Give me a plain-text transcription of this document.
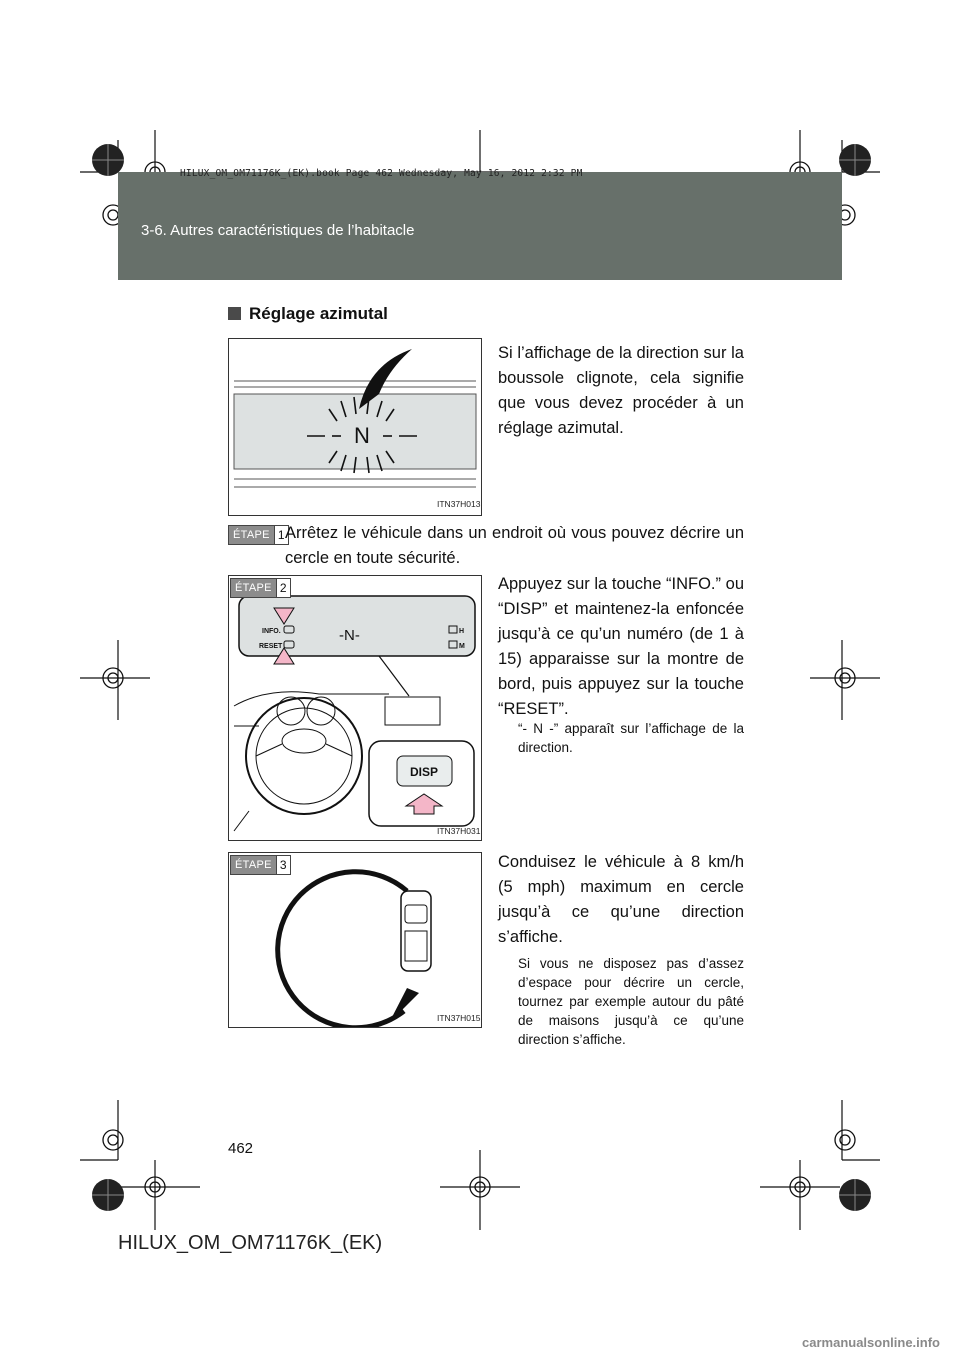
HILUX_OM_OM71176K_(EK).book Page 462 Wednesday, May 16, 2012 2:32 PM
3-6. Autres caractéristiques de l’habitacle
Réglage azimutal
N
ITN37H013
Si l’affichage de la direction sur la boussole clignote, cela signifie que vous devez procéder à un réglage azimutal.
ÉTAPE 1 Arrêtez le véhicule dans un endroit où vous pouvez décrire un cercle en toute sécurité.
INFO.
RESET
H
M
-N-
DISP
ITN37H031
ÉTAPE 2	Appuyez sur la touche “INFO.” ou “DISP” et maintenez-la enfoncée jusqu’à ce qu’un numéro (de 1 à 15) apparaisse sur la montre de bord, puis appuyez sur la touche “RESET”.
“- N -” apparaît sur l’affichage de la direction.
ITN37H015
ÉTAPE 3	Conduisez le véhicule à 8 km/h (5 mph) maximum en cercle jusqu’à ce qu’une direction s’affiche.
Si vous ne disposez pas d’assez d’espace pour décrire un cercle, tournez par exemple autour du pâté de maisons jusqu’à ce qu’une direction s’affiche.
462
HILUX_OM_OM71176K_(EK)
carmanualsonline.info
